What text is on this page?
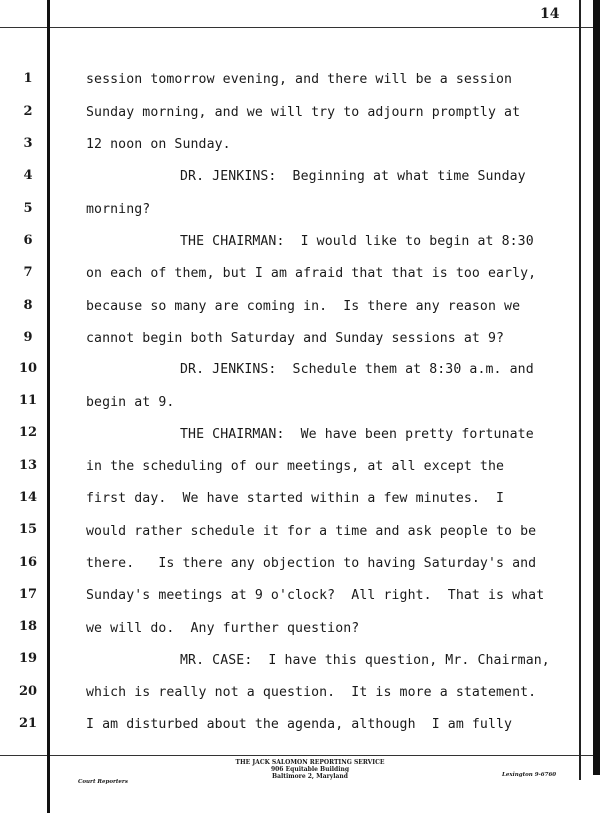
14
1
2
3
4
5
6
7
8
9
10
11
12
13
14
15
16
17
18
19
20
21
session tomorrow evening, and there will be a session
Sunday morning, and we will try to adjourn promptly at
12 noon on Sunday.
DR. JENKINS:  Beginning at what time Sunday
morning?
THE CHAIRMAN:  I would like to begin at 8:30
on each of them, but I am afraid that that is too early,
because so many are coming in.  Is there any reason we
cannot begin both Saturday and Sunday sessions at 9?
DR. JENKINS:  Schedule them at 8:30 a.m. and
begin at 9.
THE CHAIRMAN:  We have been pretty fortunate
in the scheduling of our meetings, at all except the
first day.  We have started within a few minutes.  I
would rather schedule it for a time and ask people to be
there.   Is there any objection to having Saturday's and
Sunday's meetings at 9 o'clock?  All right.  That is what
we will do.  Any further question?
MR. CASE:  I have this question, Mr. Chairman,
which is really not a question.  It is more a statement.
I am disturbed about the agenda, although  I am fully
Court Reporters
THE JACK SALOMON REPORTING SERVICE
906 Equitable Building
Baltimore 2, Maryland	Lexington 9-6760
